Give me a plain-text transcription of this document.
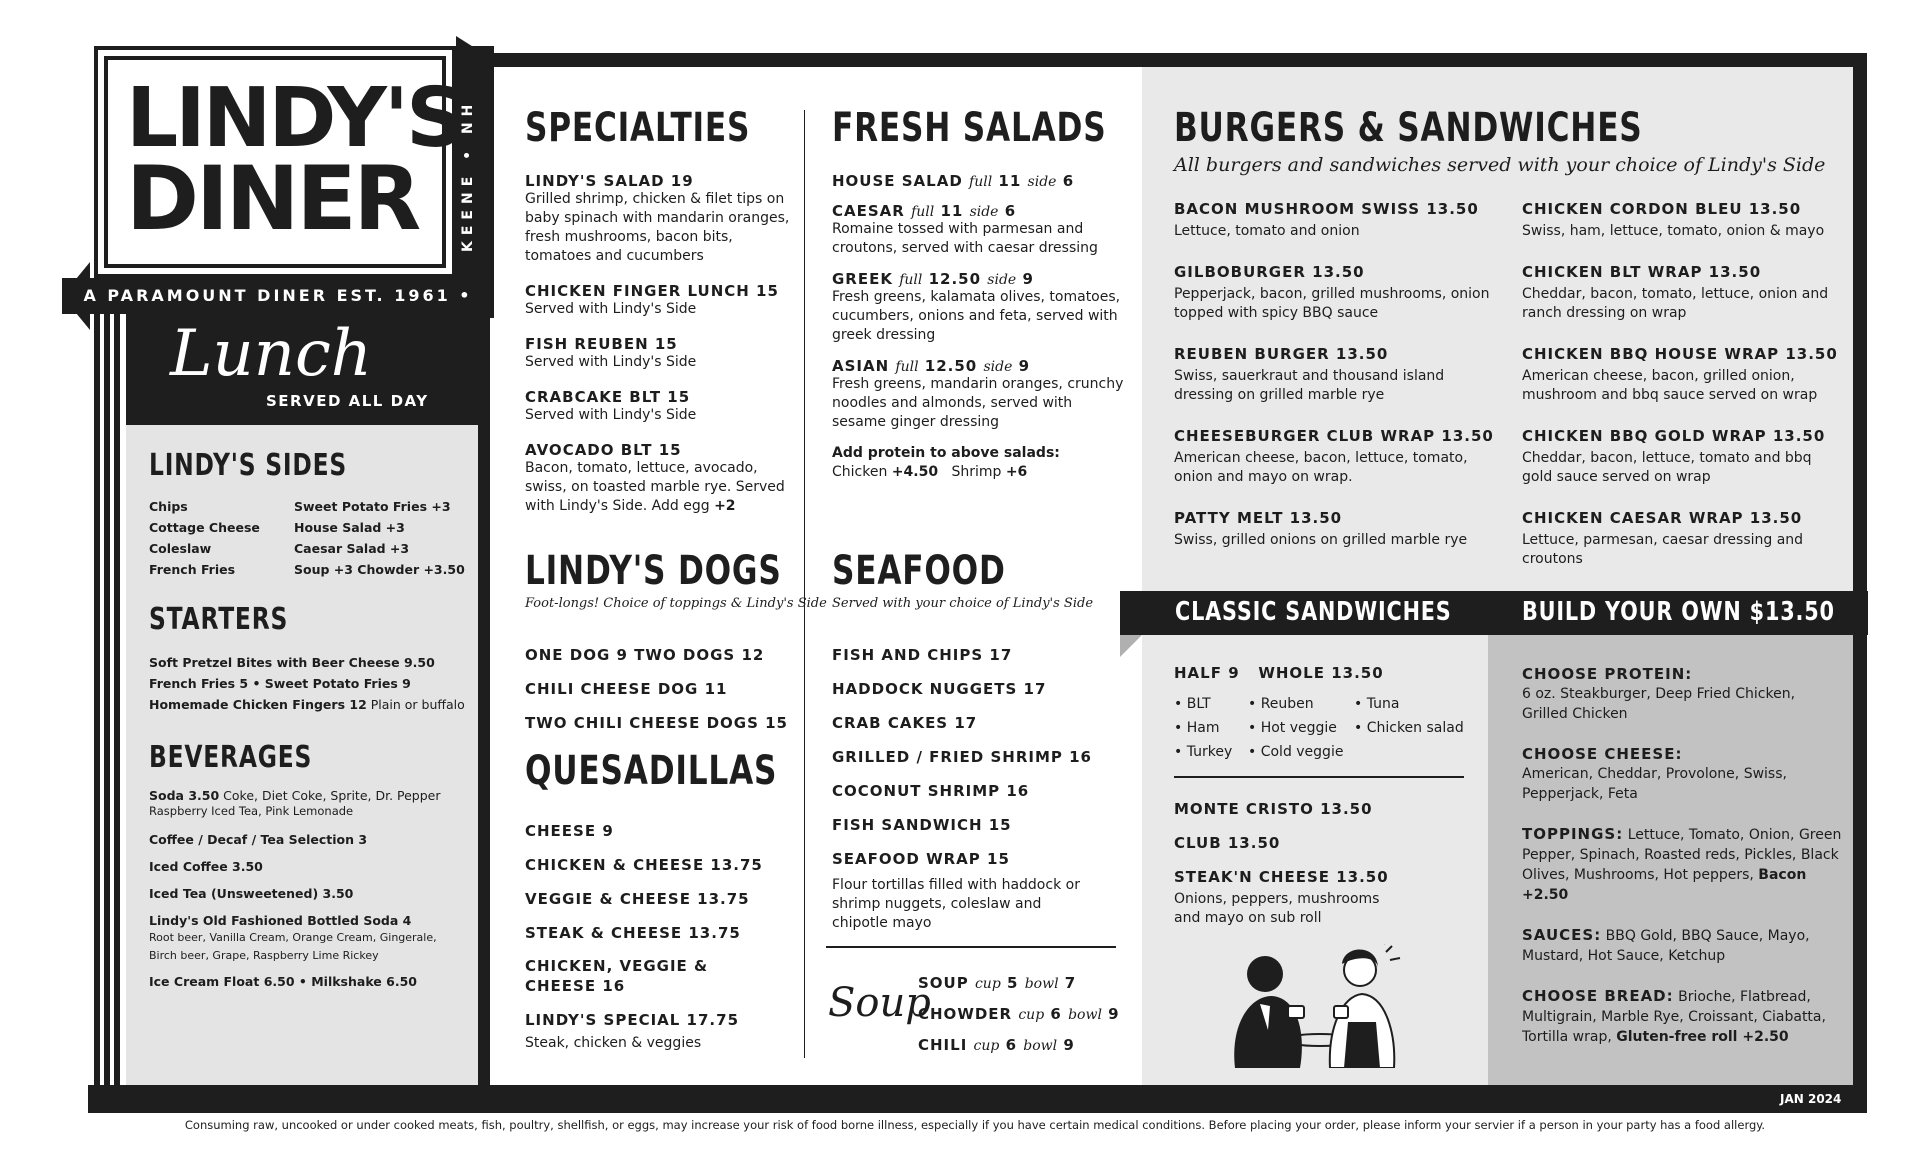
KEENE • NH
A PARAMOUNT DINER EST. 1961 •
LINDY'S
DINER
Lunch
SERVED ALL DAY
LINDY'S SIDES
Chips
Cottage Cheese
Coleslaw
French Fries
Sweet Potato Fries +3
House Salad +3
Caesar Salad +3
Soup +3 Chowder +3.50
STARTERS
Soft Pretzel Bites with Beer Cheese 9.50
French Fries 5 • Sweet Potato Fries 9
Homemade Chicken Fingers 12 Plain or buffalo
BEVERAGES
Soda 3.50 Coke, Diet Coke, Sprite, Dr. Pepper
Raspberry Iced Tea, Pink Lemonade
Coffee / Decaf / Tea Selection 3
Iced Coffee 3.50
Iced Tea (Unsweetened) 3.50
Lindy's Old Fashioned Bottled Soda 4
Root beer, Vanilla Cream, Orange Cream, Gingerale,
Birch beer, Grape, Raspberry Lime Rickey
Ice Cream Float 6.50 • Milkshake 6.50
SPECIALTIES
LINDY'S SALAD 19
Grilled shrimp, chicken & filet tips on baby spinach with mandarin oranges, fresh mushrooms, bacon bits, tomatoes and cucumbers
CHICKEN FINGER LUNCH 15
Served with Lindy's Side
FISH REUBEN 15
Served with Lindy's Side
CRABCAKE BLT 15
Served with Lindy's Side
AVOCADO BLT 15
Bacon, tomato, lettuce, avocado, swiss, on toasted marble rye. Served with Lindy's Side. Add egg +2
LINDY'S DOGS
Foot-longs! Choice of toppings & Lindy's Side
ONE DOG 9 TWO DOGS 12
CHILI CHEESE DOG 11
TWO CHILI CHEESE DOGS 15
QUESADILLAS
CHEESE 9
CHICKEN & CHEESE 13.75
VEGGIE & CHEESE 13.75
STEAK & CHEESE 13.75
CHICKEN, VEGGIE &
CHEESE 16
LINDY'S SPECIAL 17.75
Steak, chicken & veggies
FRESH SALADS
HOUSE SALAD full 11 side 6
CAESAR full 11 side 6
Romaine tossed with parmesan and croutons, served with caesar dressing
GREEK full 12.50 side 9
Fresh greens, kalamata olives, tomatoes, cucumbers, onions and feta, served with greek dressing
ASIAN full 12.50 side 9
Fresh greens, mandarin oranges, crunchy noodles and almonds, served with sesame ginger dressing
Add protein to above salads:
Chicken +4.50 Shrimp +6
SEAFOOD
Served with your choice of Lindy's Side
FISH AND CHIPS 17
HADDOCK NUGGETS 17
CRAB CAKES 17
GRILLED / FRIED SHRIMP 16
COCONUT SHRIMP 16
FISH SANDWICH 15
SEAFOOD WRAP 15
Flour tortillas filled with haddock or shrimp nuggets, coleslaw and chipotle mayo
Soup
SOUP cup 5 bowl 7
CHOWDER cup 6 bowl 9
CHILI cup 6 bowl 9
BURGERS & SANDWICHES
All burgers and sandwiches served with your choice of Lindy's Side
BACON MUSHROOM SWISS 13.50
Lettuce, tomato and onion
GILBOBURGER 13.50
Pepperjack, bacon, grilled mushrooms, onion topped with spicy BBQ sauce
REUBEN BURGER 13.50
Swiss, sauerkraut and thousand island dressing on grilled marble rye
CHEESEBURGER CLUB WRAP 13.50
American cheese, bacon, lettuce, tomato, onion and mayo on wrap.
PATTY MELT 13.50
Swiss, grilled onions on grilled marble rye
CHICKEN CORDON BLEU 13.50
Swiss, ham, lettuce, tomato, onion & mayo
CHICKEN BLT WRAP 13.50
Cheddar, bacon, tomato, lettuce, onion and ranch dressing on wrap
CHICKEN BBQ HOUSE WRAP 13.50
American cheese, bacon, grilled onion, mushroom and bbq sauce served on wrap
CHICKEN BBQ GOLD WRAP 13.50
Cheddar, bacon, lettuce, tomato and bbq gold sauce served on wrap
CHICKEN CAESAR WRAP 13.50
Lettuce, parmesan, caesar dressing and croutons
CLASSIC SANDWICHES	BUILD YOUR OWN $13.50
HALF 9 WHOLE 13.50
• BLT
• Ham
• Turkey
• Reuben
• Hot veggie
• Cold veggie
• Tuna
• Chicken salad
MONTE CRISTO 13.50
CLUB 13.50
STEAK'N CHEESE 13.50
Onions, peppers, mushrooms and mayo on sub roll
CHOOSE PROTEIN:
6 oz. Steakburger, Deep Fried Chicken, Grilled Chicken
CHOOSE CHEESE:
American, Cheddar, Provolone, Swiss, Pepperjack, Feta
TOPPINGS: Lettuce, Tomato, Onion, Green Pepper, Spinach, Roasted reds, Pickles, Black Olives, Mushrooms, Hot peppers, Bacon +2.50
SAUCES: BBQ Gold, BBQ Sauce, Mayo, Mustard, Hot Sauce, Ketchup
CHOOSE BREAD: Brioche, Flatbread, Multigrain, Marble Rye, Croissant, Ciabatta, Tortilla wrap, Gluten-free roll +2.50
JAN 2024
Consuming raw, uncooked or under cooked meats, fish, poultry, shellfish, or eggs, may increase your risk of food borne illness, especially if you have certain medical conditions. Before placing your order, please inform your servier if a person in your party has a food allergy.
